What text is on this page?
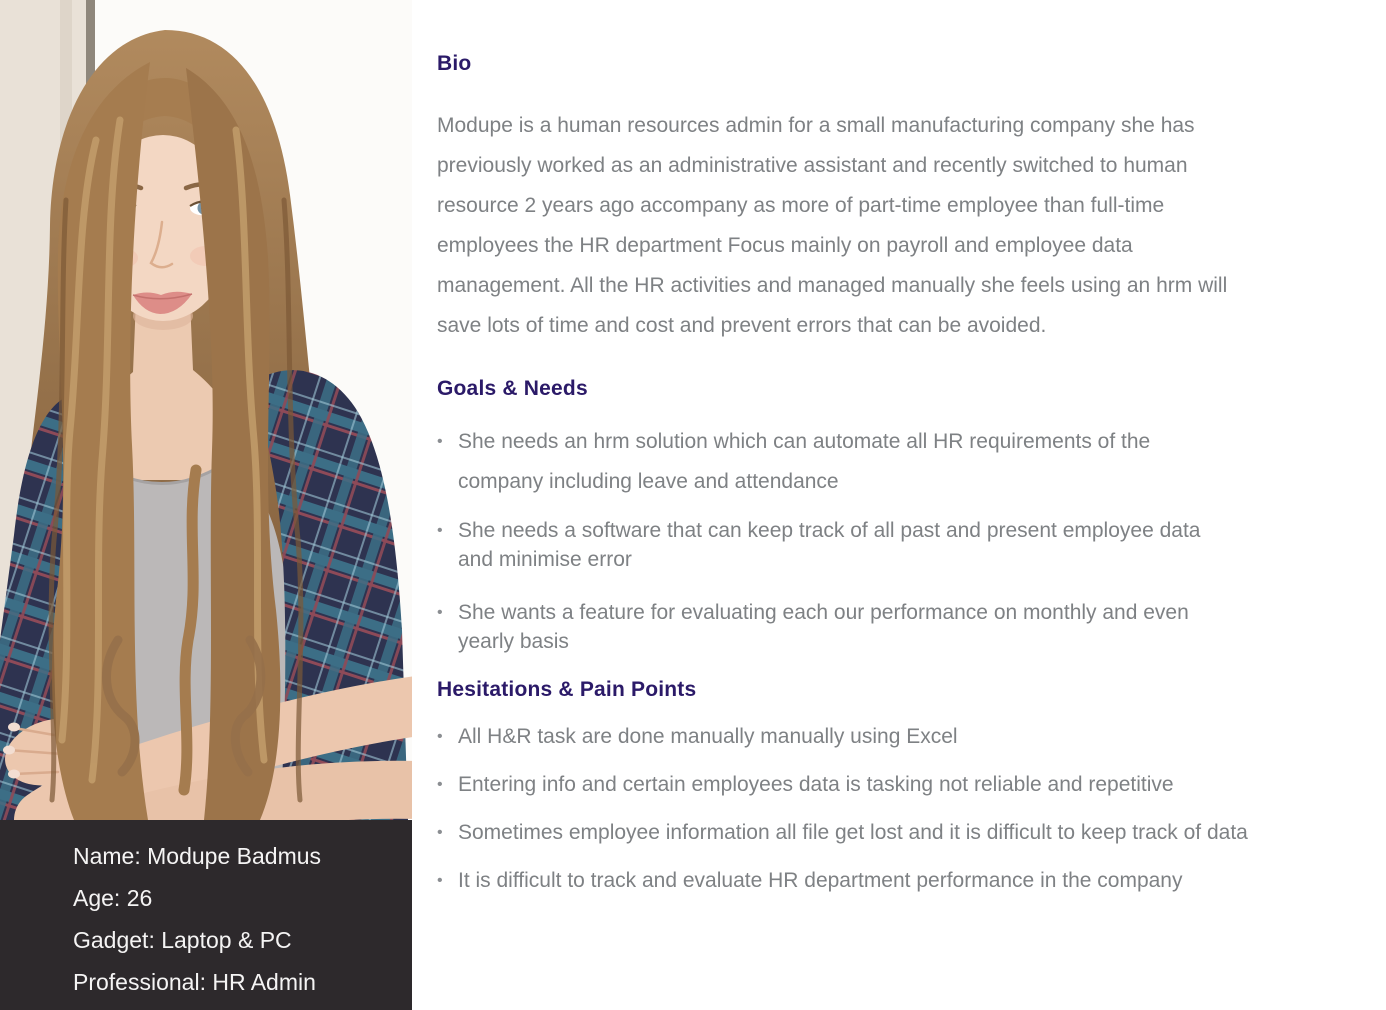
Name: Modupe Badmus
Age: 26
Gadget: Laptop & PC
Professional: HR Admin
Bio
Modupe is a human resources admin for a small manufacturing company she has
previously worked as an administrative assistant and recently switched to human
resource 2 years ago accompany as more of part-time employee than full-time
employees the HR department Focus mainly on payroll and employee data
management. All the HR activities and managed manually she feels using an hrm will
save lots of time and cost and prevent errors that can be avoided.
Goals & Needs
• She needs an hrm solution which can automate all HR requirements of the
company including leave and attendance
• She needs a software that can keep track of all past and present employee data
and minimise error
• She wants a feature for evaluating each our performance on monthly and even
yearly basis
Hesitations & Pain Points
• All H&R task are done manually manually using Excel
• Entering info and certain employees data is tasking not reliable and repetitive
• Sometimes employee information all file get lost and it is difficult to keep track of data
• It is difficult to track and evaluate HR department performance in the company
